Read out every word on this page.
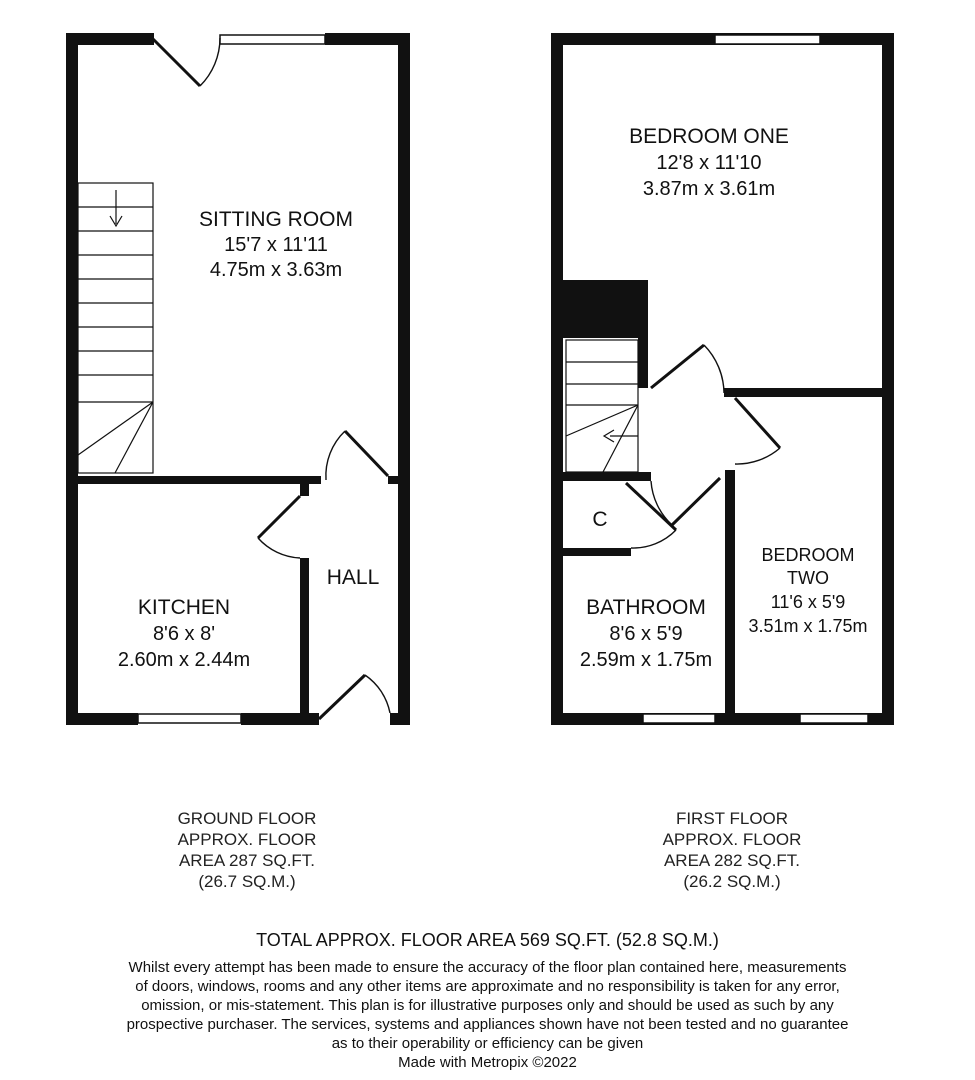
SITTING ROOM
15'7 x 11'11
4.75m x 3.63m
KITCHEN
8'6 x 8'
2.60m x 2.44m
HALL
BEDROOM ONE
12'8 x 11'10
3.87m x 3.61m
BEDROOM
TWO
11'6 x 5'9
3.51m x 1.75m
BATHROOM
8'6 x 5'9
2.59m x 1.75m
C
GROUND FLOOR
APPROX. FLOOR
AREA 287 SQ.FT.
(26.7 SQ.M.)
FIRST FLOOR
APPROX. FLOOR
AREA 282 SQ.FT.
(26.2 SQ.M.)
TOTAL APPROX. FLOOR AREA 569 SQ.FT. (52.8 SQ.M.)
Whilst every attempt has been made to ensure the accuracy of the floor plan contained here, measurements
of doors, windows, rooms and any other items are approximate and no responsibility is taken for any error,
omission, or mis-statement. This plan is for illustrative purposes only and should be used as such by any
prospective purchaser. The services, systems and appliances shown have not been tested and no guarantee
as to their operability or efficiency can be given
Made with Metropix ©2022
